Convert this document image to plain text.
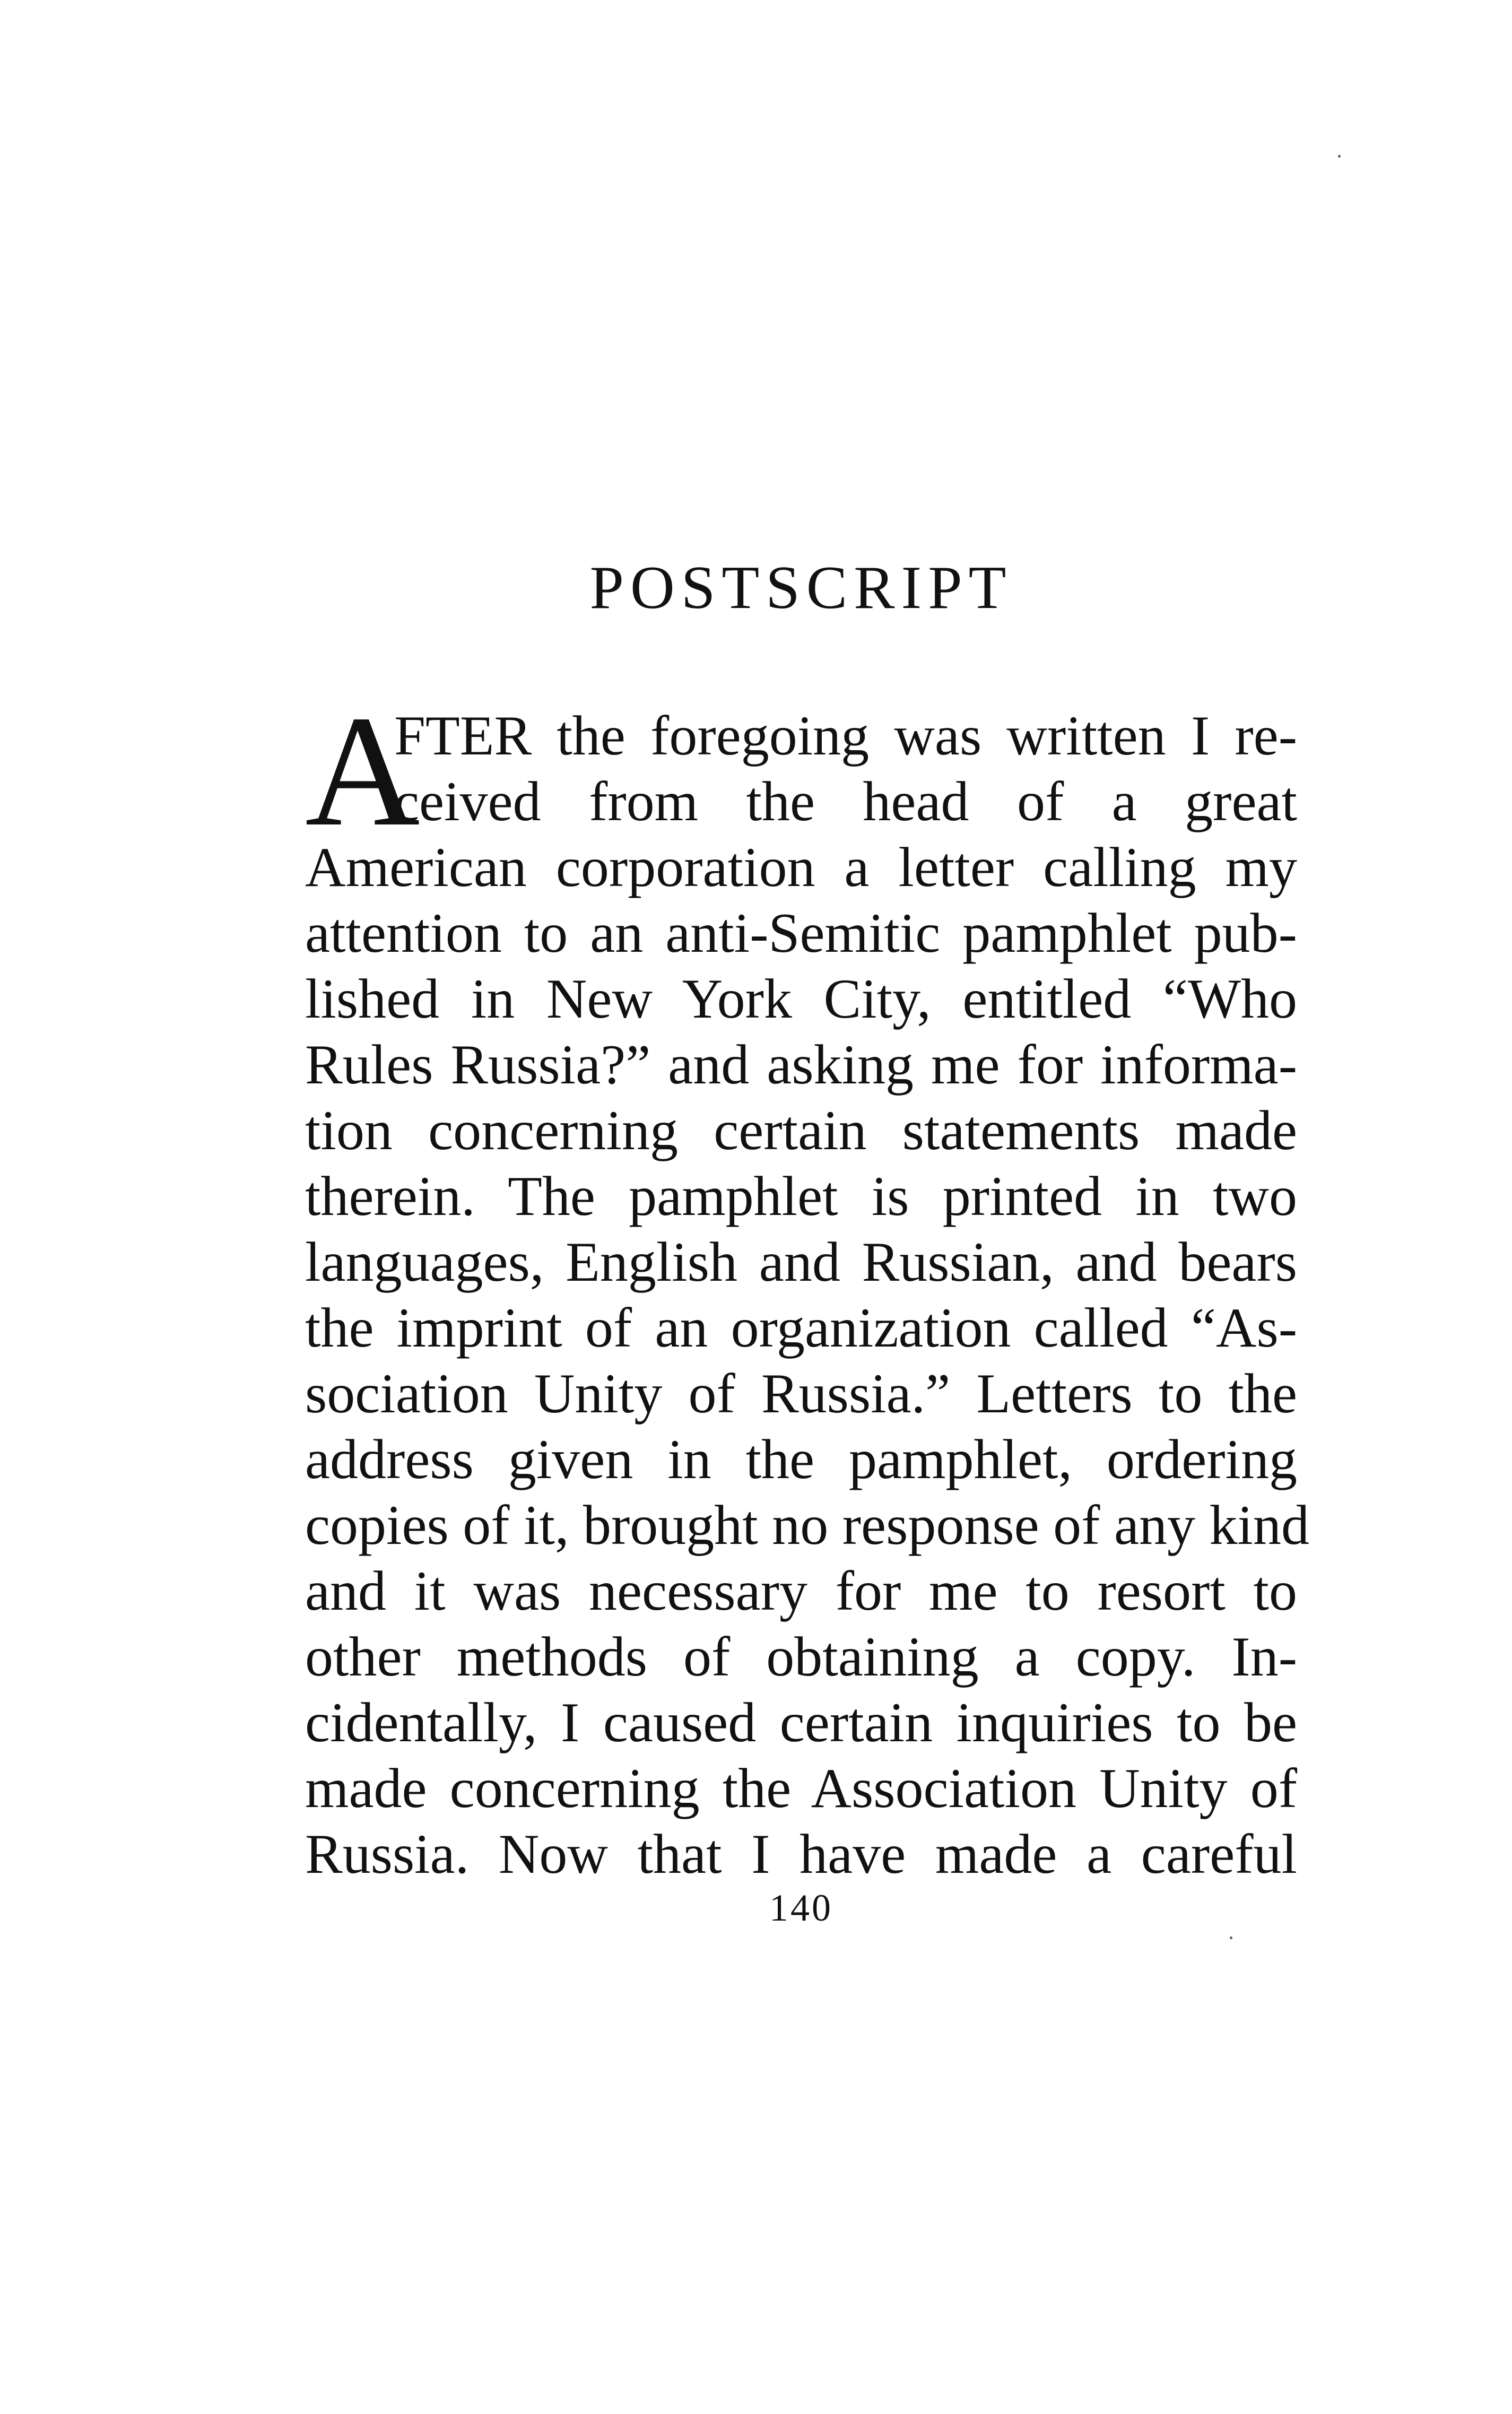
POSTSCRIPT
A
FTER the foregoing was written I re-
ceived from the head of a great
American corporation a letter calling my
attention to an anti-Semitic pamphlet pub-
lished in New York City, entitled “Who
Rules Russia?” and asking me for informa-
tion concerning certain statements made
therein. The pamphlet is printed in two
languages, English and Russian, and bears
the imprint of an organization called “As-
sociation Unity of Russia.” Letters to the
address given in the pamphlet, ordering
copies of it, brought no response of any kind
and it was necessary for me to resort to
other methods of obtaining a copy. In-
cidentally, I caused certain inquiries to be
made concerning the Association Unity of
Russia. Now that I have made a careful
140
